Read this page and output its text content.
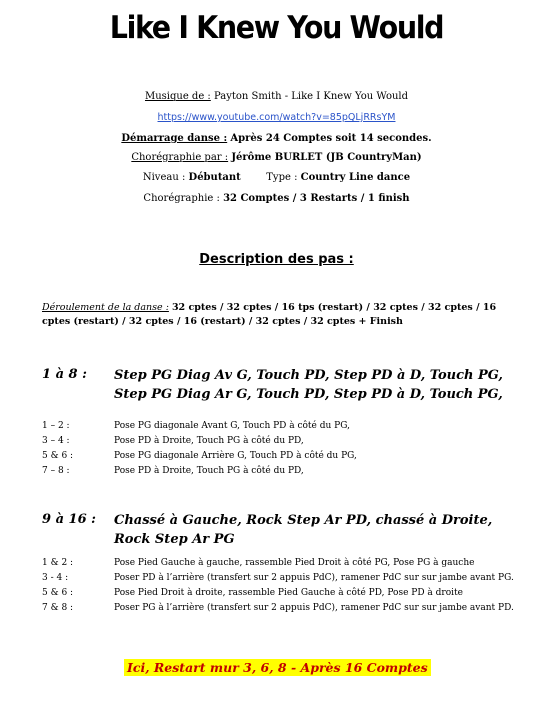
Like I Knew You Would
Musique de : Payton Smith - Like I Knew You Would
https://www.youtube.com/watch?v=85pQLjRRsYM
Démarrage danse : Après 24 Comptes soit 14 secondes.
Chorégraphie par : Jérôme BURLET (JB CountryMan)
Niveau : Débutant	Type : Country Line dance
Chorégraphie : 32 Comptes / 3 Restarts / 1 finish
Description des pas :
Déroulement de la danse : 32 cptes / 32 cptes / 16 tps (restart) / 32 cptes / 32 cptes / 16 cptes (restart) / 32 cptes / 16 (restart) / 32 cptes / 32 cptes + Finish
1 à 8 : Step PG Diag Av G, Touch PD, Step PD à D, Touch PG,
Step PG Diag Ar G, Touch PD, Step PD à D, Touch PG,
1 – 2 :	Pose PG diagonale Avant G, Touch PD à côté du PG,
3 – 4 :	Pose PD à Droite, Touch PG à côté du PD,
5 & 6 :	Pose PG diagonale Arrière G, Touch PD à côté du PG,
7 – 8 :	Pose PD à Droite, Touch PG à côté du PD,
9 à 16 : Chassé à Gauche, Rock Step Ar PD, chassé à Droite, Rock Step Ar PG
1 & 2 :	Pose Pied Gauche à gauche, rassemble Pied Droit à côté PG, Pose PG à gauche
3 - 4 :	Poser PD à l’arrière (transfert sur 2 appuis PdC), ramener PdC sur sur jambe avant PG.
5 & 6 :	Pose Pied Droit à droite, rassemble Pied Gauche à côté PD, Pose PD à droite
7 & 8 :	Poser PG à l’arrière (transfert sur 2 appuis PdC), ramener PdC sur sur jambe avant PD.
Ici, Restart mur 3, 6, 8 - Après 16 Comptes
